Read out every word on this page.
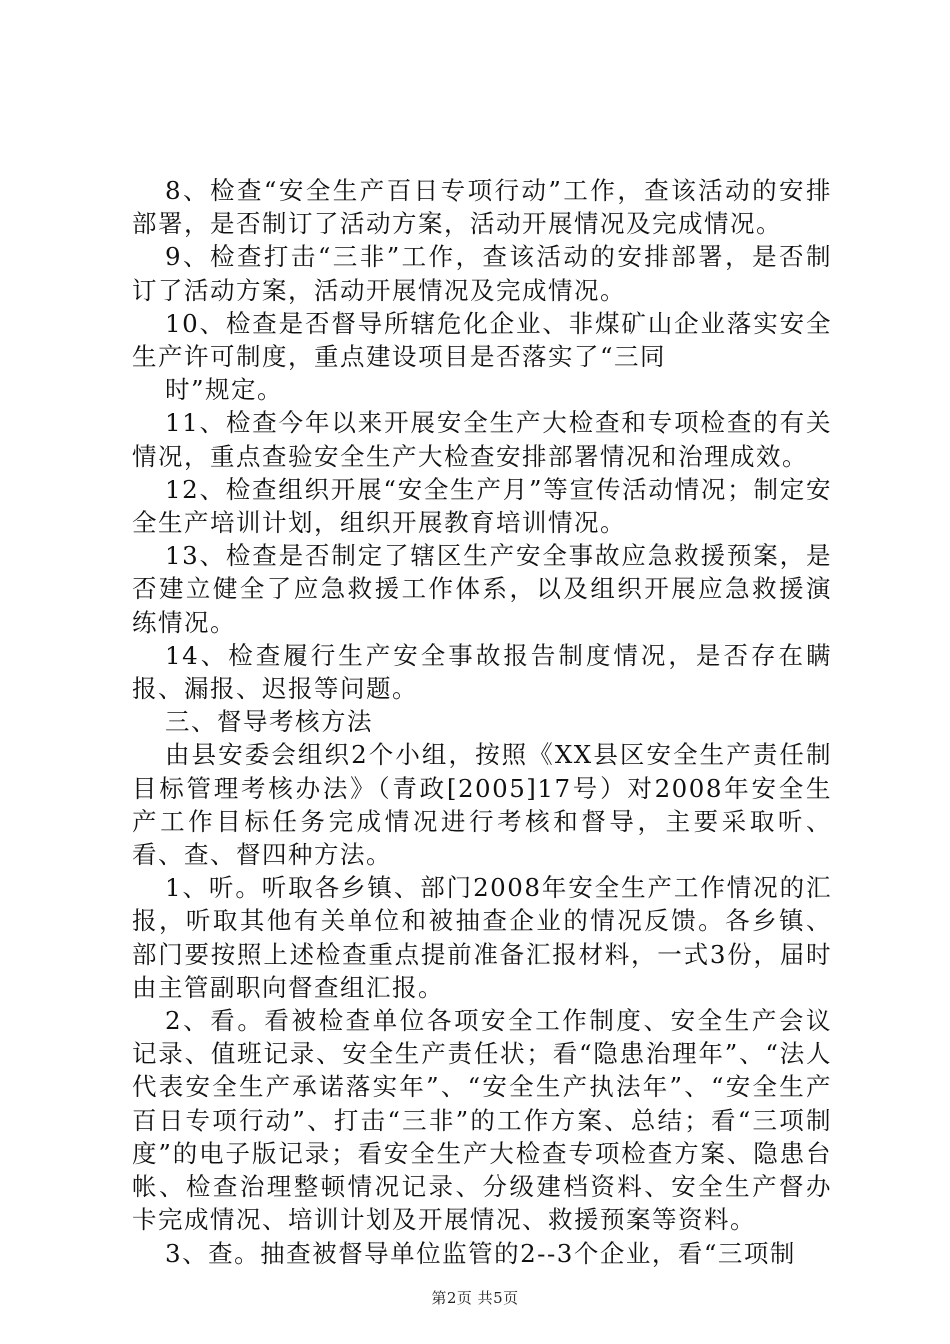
8、检查“安全生产百日专项行动”工作，查该活动的安排部署，是否制订了活动方案，活动开展情况及完成情况。

9、检查打击“三非”工作，查该活动的安排部署，是否制订了活动方案，活动开展情况及完成情况。

10、检查是否督导所辖危化企业、非煤矿山企业落实安全生产许可制度，重点建设项目是否落实了“三同

时”规定。

11、检查今年以来开展安全生产大检查和专项检查的有关情况，重点查验安全生产大检查安排部署情况和治理成效。

12、检查组织开展“安全生产月”等宣传活动情况；制定安全生产培训计划，组织开展教育培训情况。

13、检查是否制定了辖区生产安全事故应急救援预案，是否建立健全了应急救援工作体系，以及组织开展应急救援演练情况。

14、检查履行生产安全事故报告制度情况，是否存在瞒报、漏报、迟报等问题。

三、督导考核方法

由县安委会组织2个小组，按照《XX县区安全生产责任制目标管理考核办法》（青政[2005]17号）对2008年安全生产工作目标任务完成情况进行考核和督导，主要采取听、看、查、督四种方法。

1、听。听取各乡镇、部门2008年安全生产工作情况的汇报，听取其他有关单位和被抽查企业的情况反馈。各乡镇、部门要按照上述检查重点提前准备汇报材料，一式3份，届时由主管副职向督查组汇报。

2、看。看被检查单位各项安全工作制度、安全生产会议记录、值班记录、安全生产责任状；看“隐患治理年”、“法人代表安全生产承诺落实年”、“安全生产执法年”、“安全生产百日专项行动”、打击“三非”的工作方案、总结；看“三项制度”的电子版记录；看安全生产大检查专项检查方案、隐患台帐、检查治理整顿情况记录、分级建档资料、安全生产督办卡完成情况、培训计划及开展情况、救援预案等资料。

3、查。抽查被督导单位监管的2--3个企业，看“三项制

第2页 共5页
